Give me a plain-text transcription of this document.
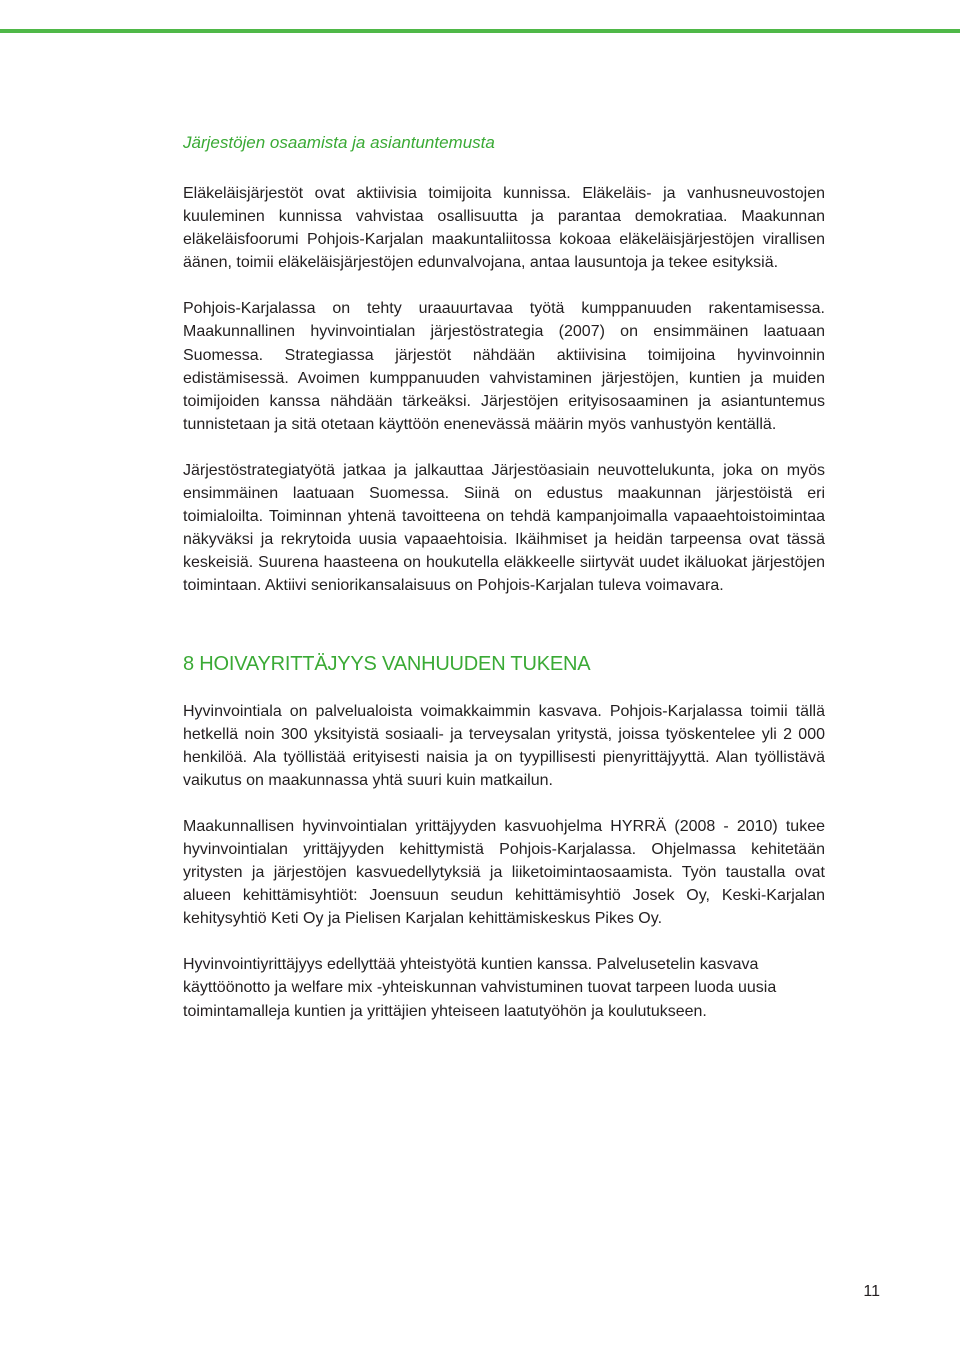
Järjestöjen osaamista ja asiantuntemusta

Eläkeläisjärjestöt ovat aktiivisia toimijoita kunnissa. Eläkeläis- ja vanhusneuvostojen kuuleminen kunnissa vahvistaa osallisuutta ja parantaa demokratiaa. Maakunnan eläkeläisfoorumi Pohjois-Karjalan maakuntaliitossa kokoaa eläkeläisjärjestöjen virallisen äänen, toimii eläkeläisjärjestöjen edunvalvojana, antaa lausuntoja ja tekee esityksiä.

Pohjois-Karjalassa on tehty uraauurtavaa työtä kumppanuuden rakentamisessa. Maakunnallinen hyvinvointialan järjestöstrategia (2007) on ensimmäinen laatuaan Suomessa. Strategiassa järjestöt nähdään aktiivisina toimijoina hyvinvoinnin edistämisessä. Avoimen kumppanuuden vahvistaminen järjestöjen, kuntien ja muiden toimijoiden kanssa nähdään tärkeäksi. Järjestöjen erityisosaaminen ja asiantuntemus tunnistetaan ja sitä otetaan käyttöön enenevässä määrin myös vanhustyön kentällä.

Järjestöstrategiatyötä jatkaa ja jalkauttaa Järjestöasiain neuvottelukunta, joka on myös ensimmäinen laatuaan Suomessa. Siinä on edustus maakunnan järjestöistä eri toimialoilta. Toiminnan yhtenä tavoitteena on tehdä kampanjoimalla vapaaehtoistoimintaa näkyväksi ja rekrytoida uusia vapaaehtoisia. Ikäihmiset ja heidän tarpeensa ovat tässä keskeisiä. Suurena haasteena on houkutella eläkkeelle siirtyvät uudet ikäluokat järjestöjen toimintaan. Aktiivi seniorikansalaisuus on Pohjois-Karjalan tuleva voimavara.

8 HOIVAYRITTÄJYYS VANHUUDEN TUKENA

Hyvinvointiala on palvelualoista voimakkaimmin kasvava. Pohjois-Karjalassa toimii tällä hetkellä noin 300 yksityistä sosiaali- ja terveysalan yritystä, joissa työskentelee yli 2 000 henkilöä. Ala työllistää erityisesti naisia ja on tyypillisesti pienyrittäjyyttä. Alan työllistävä vaikutus on maakunnassa yhtä suuri kuin matkailun.

Maakunnallisen hyvinvointialan yrittäjyyden kasvuohjelma HYRRÄ (2008 - 2010) tukee hyvinvointialan yrittäjyyden kehittymistä Pohjois-Karjalassa. Ohjelmassa kehitetään yritysten ja järjestöjen kasvuedellytyksiä ja liiketoimintaosaamista. Työn taustalla ovat alueen kehittämisyhtiöt: Joensuun seudun kehittämisyhtiö Josek Oy, Keski-Karjalan kehitysyhtiö Keti Oy ja Pielisen Karjalan kehittämiskeskus Pikes Oy.

Hyvinvointiyrittäjyys edellyttää yhteistyötä kuntien kanssa. Palvelusetelin kasvava käyttöönotto ja welfare mix -yhteiskunnan vahvistuminen tuovat tarpeen luoda uusia toimintamalleja kuntien ja yrittäjien yhteiseen laatutyöhön ja koulutukseen.

11
